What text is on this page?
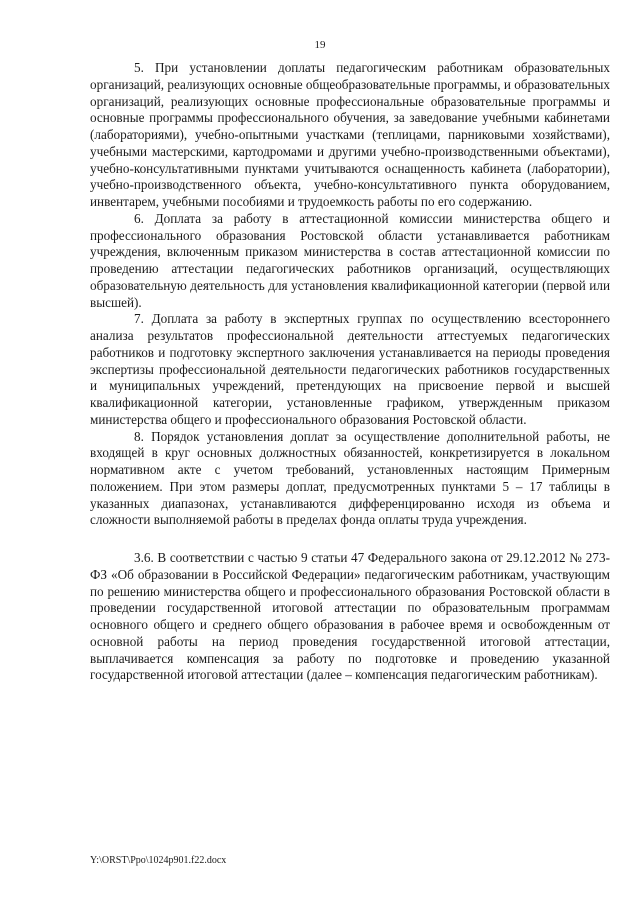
19

5. При установлении доплаты педагогическим работникам образовательных организаций, реализующих основные общеобразовательные программы, и образовательных организаций, реализующих основные профессиональные образовательные программы и основные программы профессионального обучения, за заведование учебными кабинетами (лабораториями), учебно-опытными участками (теплицами, парниковыми хозяйствами), учебными мастерскими, картодромами и другими учебно-производственными объектами), учебно-консультативными пунктами учитываются оснащенность кабинета (лаборатории), учебно-производственного объекта, учебно-консультативного пункта оборудованием, инвентарем, учебными пособиями и трудоемкость работы по его содержанию.

6. Доплата за работу в аттестационной комиссии министерства общего и профессионального образования Ростовской области устанавливается работникам учреждения, включенным приказом министерства в состав аттестационной комиссии по проведению аттестации педагогических работников организаций, осуществляющих образовательную деятельность для установления квалификационной категории (первой или высшей).

7. Доплата за работу в экспертных группах по осуществлению всестороннего анализа результатов профессиональной деятельности аттестуемых педагогических работников и подготовку экспертного заключения устанавливается на периоды проведения экспертизы профессиональной деятельности педагогических работников государственных и муниципальных учреждений, претендующих на присвоение первой и высшей квалификационной категории, установленные графиком, утвержденным приказом министерства общего и профессионального образования Ростовской области.

8. Порядок установления доплат за осуществление дополнительной работы, не входящей в круг основных должностных обязанностей, конкретизируется в локальном нормативном акте с учетом требований, установленных настоящим Примерным положением. При этом размеры доплат, предусмотренных пунктами 5 – 17 таблицы в указанных диапазонах, устанавливаются дифференцированно исходя из объема и сложности выполняемой работы в пределах фонда оплаты труда учреждения.

3.6. В соответствии с частью 9 статьи 47 Федерального закона от 29.12.2012 № 273-ФЗ «Об образовании в Российской Федерации» педагогическим работникам, участвующим по решению министерства общего и профессионального образования Ростовской области в проведении государственной итоговой аттестации по образовательным программам основного общего и среднего общего образования в рабочее время и освобожденным от основной работы на период проведения государственной итоговой аттестации, выплачивается компенсация за работу по подготовке и проведению указанной государственной итоговой аттестации (далее – компенсация педагогическим работникам).

Y:\ORST\Ppo\1024p901.f22.docx
